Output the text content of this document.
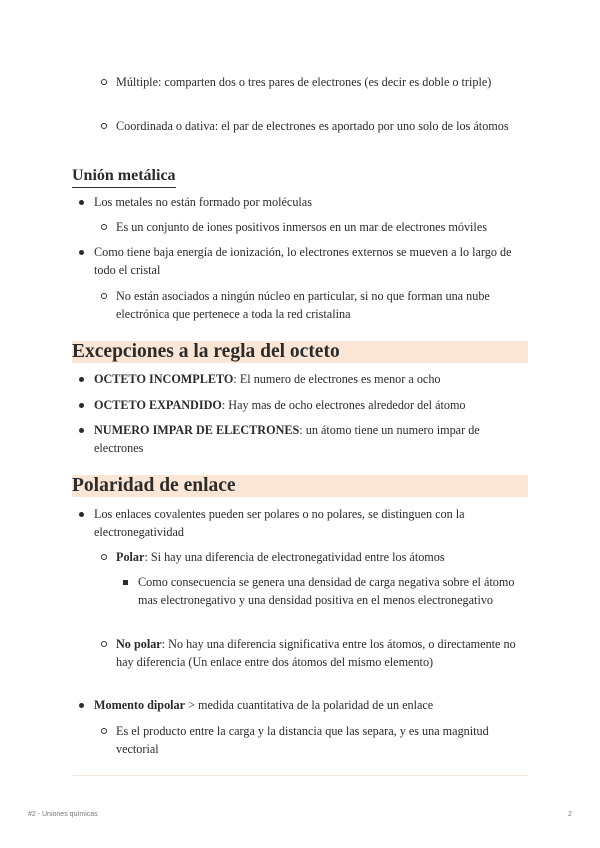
Múltiple: comparten dos o tres pares de electrones (es decir es doble o triple)
Coordinada o dativa: el par de electrones es aportado por uno solo de los átomos
Unión metálica
Los metales no están formado por moléculas
Es un conjunto de iones positivos inmersos en un mar de electrones móviles
Como tiene baja energía de ionización, lo electrones externos se mueven a lo largo de todo el cristal
No están asociados a ningún núcleo en particular, si no que forman una nube electrónica que pertenece a toda la red cristalina
Excepciones a la regla del octeto
OCTETO INCOMPLETO: El numero de electrones es menor a ocho
OCTETO EXPANDIDO: Hay mas de ocho electrones alrededor del átomo
NUMERO IMPAR DE ELECTRONES: un átomo tiene un numero impar de electrones
Polaridad de enlace
Los enlaces covalentes pueden ser polares o no polares, se distinguen con la electronegatividad
Polar: Si hay una diferencia de electronegatividad entre los átomos
Como consecuencia se genera una densidad de carga negativa sobre el átomo mas electronegativo y una densidad positiva en el menos electronegativo
No polar: No hay una diferencia significativa entre los átomos, o directamente no hay diferencia (Un enlace entre dos átomos del mismo elemento)
Momento dipolar > medida cuantitativa de la polaridad de un enlace
Es el producto entre la carga y la distancia que las separa, y es una magnitud vectorial
#2 - Uniones químicas	2
